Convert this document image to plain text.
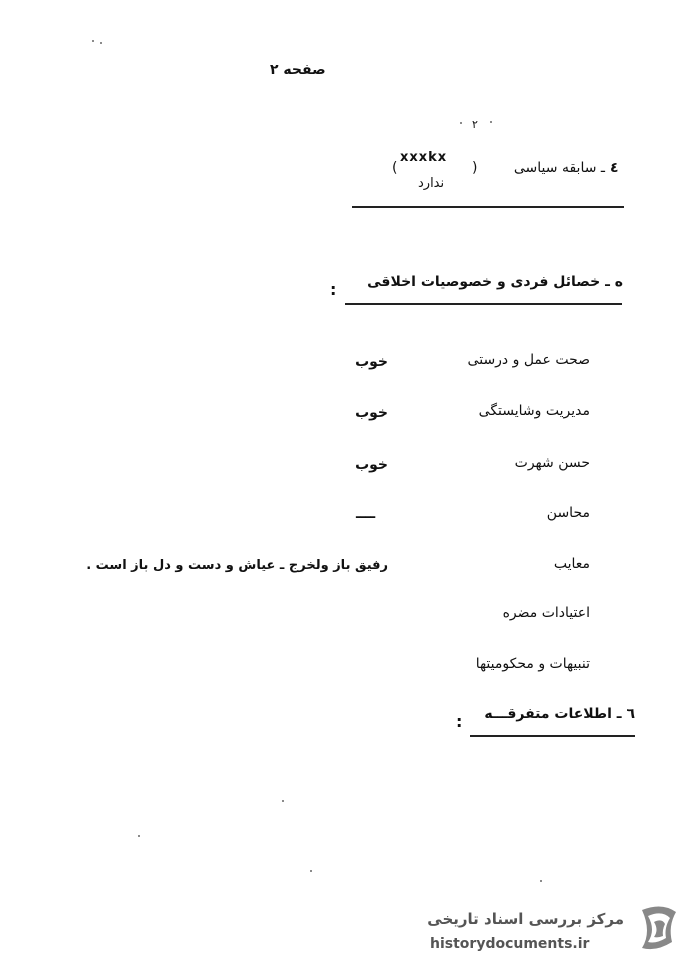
صفحه ۲
٢
٤
ـ سابقه سیاسی
)
xxxkx
ندارد
(
ه ـ خصائل فردی و خصوصیات اخلاقی
:
صحت عمل و درستی
خوب
مدیریت وشایستگی
خوب
حسن شهرت
خوب
محاسن
ــــ
معایب
رفیق باز ولخرج ـ عیاش و دست و دل باز است .
اعتیادات مضره
تنبیهات و محکومیتها
٦ ـ اطلاعات متفرقـــه
:
مرکز بررسی اسناد تاریخی
historydocuments.ir
